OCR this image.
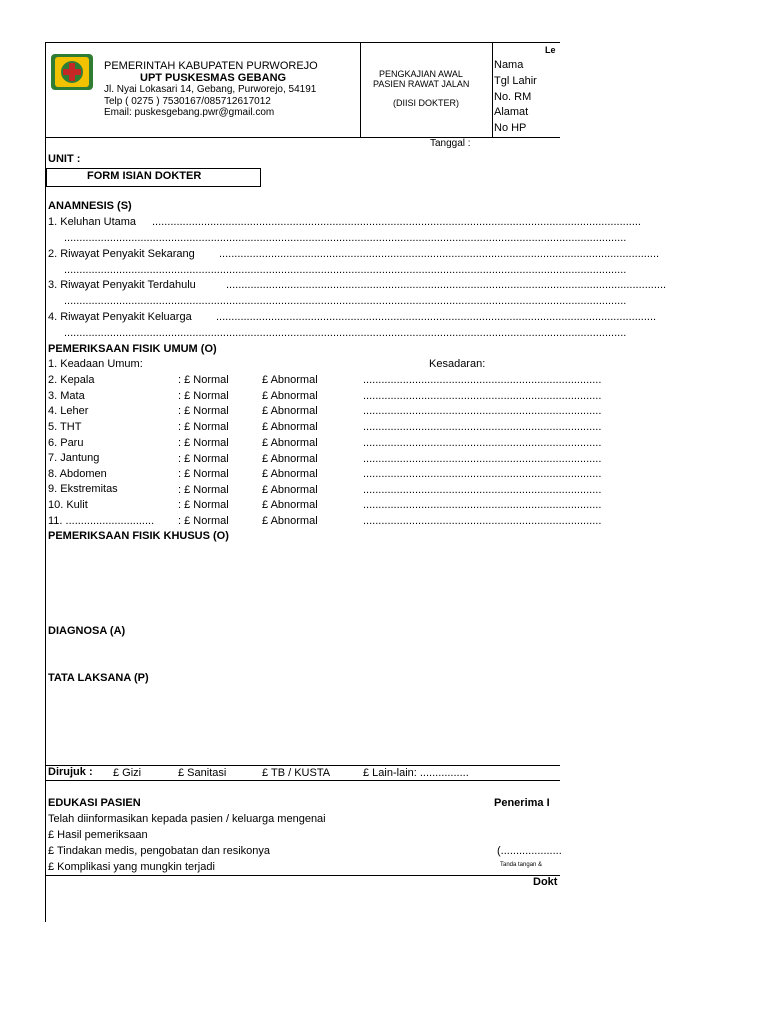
PEMERINTAH KABUPATEN PURWOREJO
UPT PUSKESMAS GEBANG
Jl. Nyai Lokasari 14, Gebang, Purworejo, 54191
Telp ( 0275 ) 7530167/085712617012
Email: puskesgebang.pwr@gmail.com
PENGKAJIAN AWAL
PASIEN RAWAT JALAN
(DIISI DOKTER)
Le
Nama
Tgl Lahir
No. RM
Alamat
No HP
Tanggal :
UNIT :
FORM ISIAN DOKTER
ANAMNESIS (S)
1. Keluhan Utama ................................................................................................................................................................
........................................................................................................................................................................................
2. Riwayat Penyakit Sekarang ................................................................................................................................................
........................................................................................................................................................................................
3. Riwayat Penyakit Terdahulu	................................................................................................................................................
........................................................................................................................................................................................
4. Riwayat Penyakit Keluarga ................................................................................................................................................
........................................................................................................................................................................................
PEMERIKSAAN FISIK UMUM (O)
1. Keadaan Umum:	Kesadaran:
2. Kepala	: £ Normal	£ Abnormal	..............................................................................
3. Mata	: £ Normal	£ Abnormal	..............................................................................
4. Leher	: £ Normal	£ Abnormal	..............................................................................
5. THT	: £ Normal	£ Abnormal	..............................................................................
6. Paru	: £ Normal	£ Abnormal	..............................................................................
7. Jantung	: £ Normal	£ Abnormal	..............................................................................
8. Abdomen	: £ Normal	£ Abnormal	..............................................................................
9. Ekstremitas	: £ Normal	£ Abnormal	..............................................................................
10. Kulit	: £ Normal	£ Abnormal	..............................................................................
11. ............................. : £ Normal	£ Abnormal	..............................................................................
PEMERIKSAAN FISIK KHUSUS (O)
DIAGNOSA (A)
TATA LAKSANA (P)
Dirujuk : £ Gizi	£ Sanitasi	£ TB / KUSTA	£ Lain-lain: ................
EDUKASI PASIEN	Penerima I
Telah diinformasikan kepada pasien / keluarga mengenai
£ Hasil pemeriksaan
£ Tindakan medis, pengobatan dan resikonya	(....................
£ Komplikasi yang mungkin terjadi	Tanda tangan &
Dokt
